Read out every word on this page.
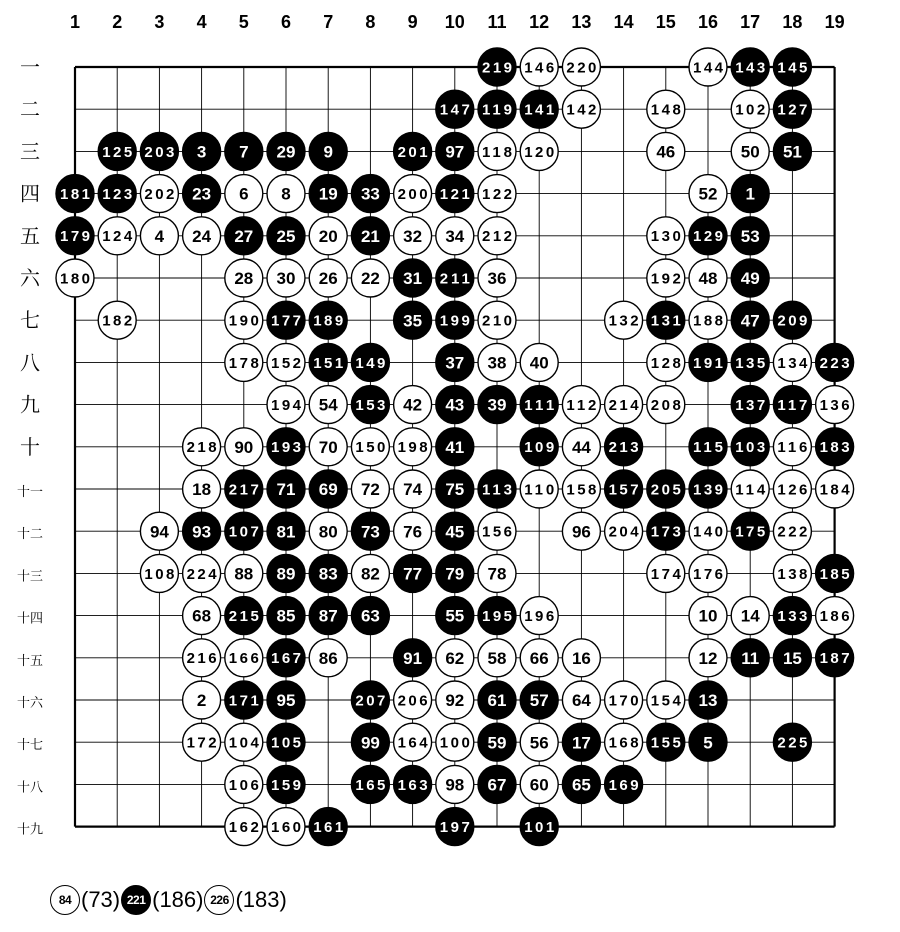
1 2 3 4 5 6 7 8 9 10 11 12 13 14 15 16 17 18 19
一
二
三
四
五
六
七
八
九
十
十一
十二
十三
十四
十五
十六
十七
十八
十九
219 146 220	144 143 145
147 119 141 142	148	102 127
125 203 3 7 29 9	201 97 118 120	46	50 51
181 123 202 23 6 8 19 33 200 121 122	52 1
179 124 4 24 27 25 20 21 32 34 212	130 129 53
180	28 30 26 22 31 211 36	192 48 49
182	190 177 189	35 199 210	132 131 188 47 209
178 152 151 149	37 38 40	128 191 135 134 223
194 54 153 42 43 39 111 112 214 208	137 117 136
218 90 193 70 150 198 41	109 44 213	115 103 116 183
18 217 71 69 72 74 75 113 110 158 157 205 139 114 126 184
94 93 107 81 80 73 76 45 156	96 204 173 140 175 222
108 224 88 89 83 82 77 79 78	174 176	138 185
68 215 85 87 63	55 195 196	10 14 133 186
216 166 167 86	91 62 58 66 16	12 11 15 187
2 171 95	207 206 92 61 57 64 170 154 13
172 104 105	99 164 100 59 56 17 168 155 5	225
106 159	165 163 98 67 60 65 169
162 160 161	197	101
84 (73) 221 (186) 226 (183)
